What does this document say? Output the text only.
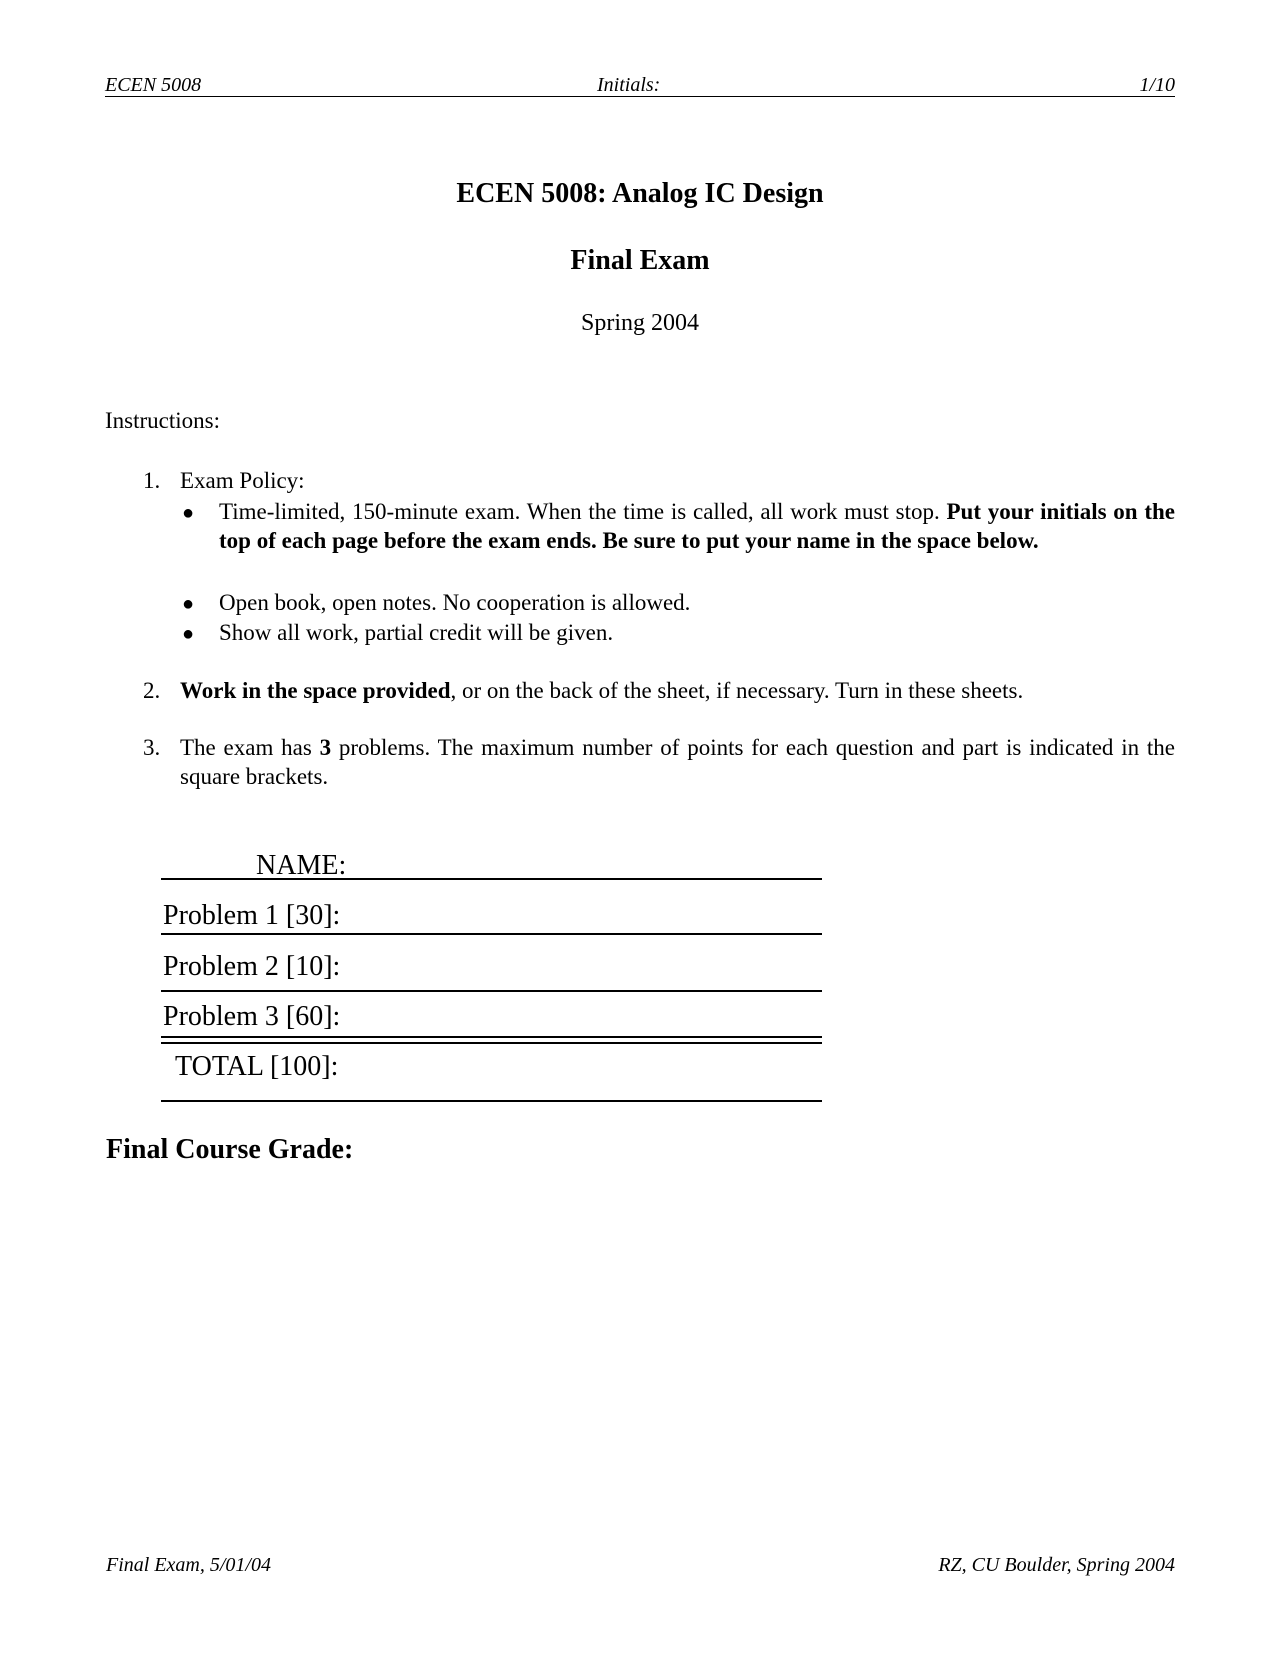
ECEN 5008	Initials:	1/10
ECEN 5008: Analog IC Design
Final Exam
Spring 2004
Instructions:
1. Exam Policy:
● Time-limited, 150-minute exam. When the time is called, all work must stop. Put your initials on the top of each page before the exam ends. Be sure to put your name in the space below.
● Open book, open notes. No cooperation is allowed.
● Show all work, partial credit will be given.
2. Work in the space provided, or on the back of the sheet, if necessary. Turn in these sheets.
3. The exam has 3 problems. The maximum number of points for each question and part is indicated in the square brackets.
NAME:
Problem 1 [30]:
Problem 2 [10]:
Problem 3 [60]:
TOTAL [100]:
Final Course Grade:
Final Exam, 5/01/04	RZ, CU Boulder, Spring 2004
